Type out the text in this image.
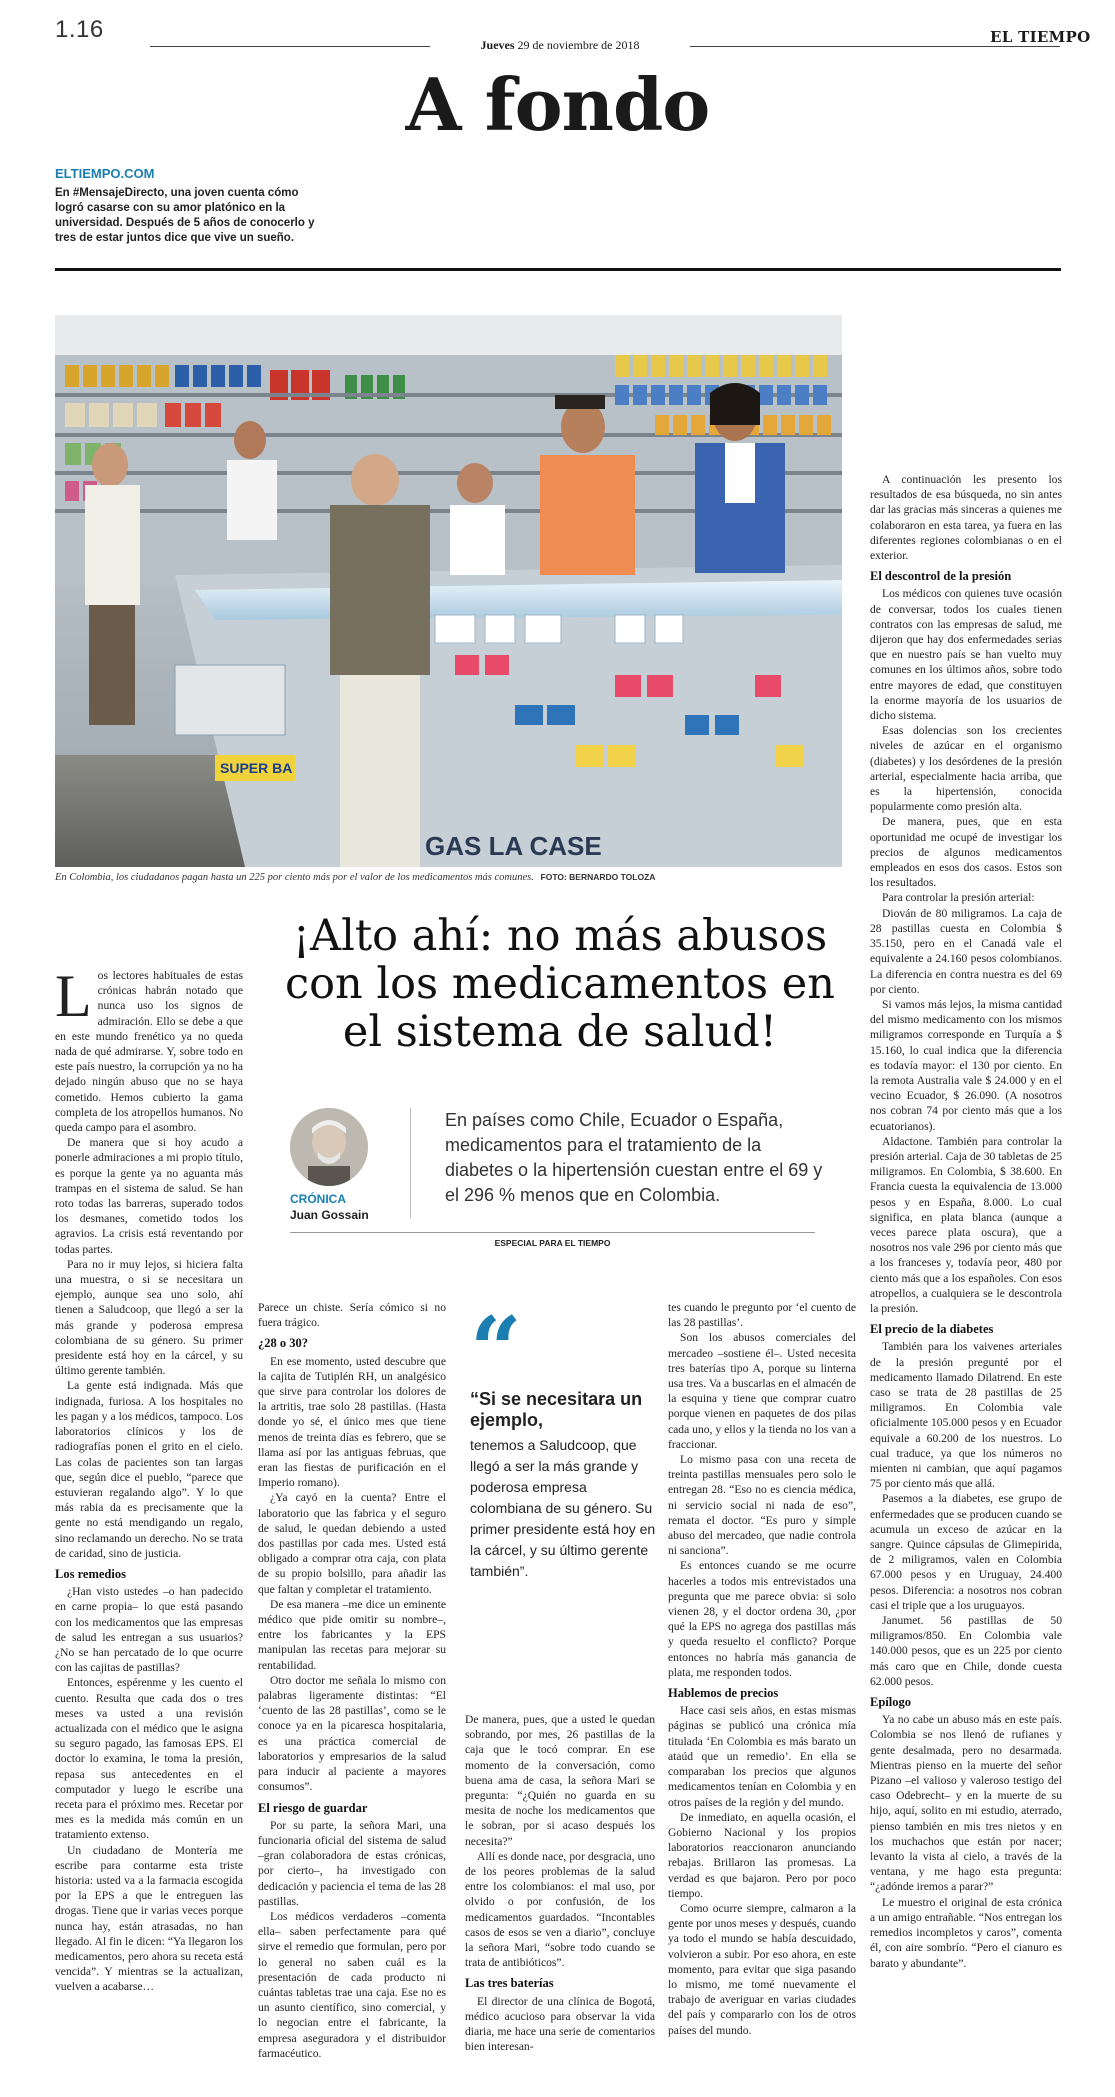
1.16
Jueves 29 de noviembre de 2018	EL TIEMPO
A fondo
ELTIEMPO.COM
En #MensajeDirecto, una joven cuenta cómo logró casarse con su amor platónico en la universidad. Después de 5 años de conocerlo y tres de estar juntos dice que vive un sueño.
SUPER BA
GAS LA CASE
En Colombia, los ciudadanos pagan hasta un 225 por ciento más por el valor de los medicamentos más comunes. FOTO: BERNARDO TOLOZA
¡Alto ahí: no más abusos con los medicamentos en el sistema de salud!
CRÓNICA
Juan Gossain
En países como Chile, Ecuador o España, medicamentos para el tratamiento de la diabetes o la hipertensión cuestan entre el 69 y el 296 % menos que en Colombia.
ESPECIAL PARA EL TIEMPO

Los lectores habituales de estas crónicas habrán notado que nunca uso los signos de admiración. Ello se debe a que en este mundo frenético ya no queda nada de qué admirarse. Y, sobre todo en este país nuestro, la corrupción ya no ha dejado ningún abuso que no se haya cometido. Hemos cubierto la gama completa de los atropellos humanos. No queda campo para el asombro.

De manera que si hoy acudo a ponerle admiraciones a mi propio título, es porque la gente ya no aguanta más trampas en el sistema de salud. Se han roto todas las barreras, superado todos los desmanes, cometido todos los agravios. La crisis está reventando por todas partes.

Para no ir muy lejos, si hiciera falta una muestra, o si se necesitara un ejemplo, aunque sea uno solo, ahí tienen a Saludcoop, que llegó a ser la más grande y poderosa empresa colombiana de su género. Su primer presidente está hoy en la cárcel, y su último gerente también.

La gente está indignada. Más que indignada, furiosa. A los hospitales no les pagan y a los médicos, tampoco. Los laboratorios clínicos y los de radiografías ponen el grito en el cielo. Las colas de pacientes son tan largas que, según dice el pueblo, “parece que estuvieran regalando algo”. Y lo que más rabia da es precisamente que la gente no está mendigando un regalo, sino reclamando un derecho. No se trata de caridad, sino de justicia.

Los remedios

¿Han visto ustedes –o han padecido en carne propia– lo que está pasando con los medicamentos que las empresas de salud les entregan a sus usuarios? ¿No se han percatado de lo que ocurre con las cajitas de pastillas?

Entonces, espérenme y les cuento el cuento. Resulta que cada dos o tres meses va usted a una revisión actualizada con el médico que le asigna su seguro pagado, las famosas EPS. El doctor lo examina, le toma la presión, repasa sus antecedentes en el computador y luego le escribe una receta para el próximo mes. Recetar por mes es la medida más común en un tratamiento extenso.

Un ciudadano de Montería me escribe para contarme esta triste historia: usted va a la farmacia escogida por la EPS a que le entreguen las drogas. Tiene que ir varias veces porque nunca hay, están atrasadas, no han llegado. Al fin le dicen: “Ya llegaron los medicamentos, pero ahora su receta está vencida”. Y mientras se la actualizan, vuelven a acabarse…

Parece un chiste. Sería cómico si no fuera trágico.

¿28 o 30?

En ese momento, usted descubre que la cajita de Tutiplén RH, un analgésico que sirve para controlar los dolores de la artritis, trae solo 28 pastillas. (Hasta donde yo sé, el único mes que tiene menos de treinta días es febrero, que se llama así por las antiguas februas, que eran las fiestas de purificación en el Imperio romano).

¿Ya cayó en la cuenta? Entre el laboratorio que las fabrica y el seguro de salud, le quedan debiendo a usted dos pastillas por cada mes. Usted está obligado a comprar otra caja, con plata de su propio bolsillo, para añadir las que faltan y completar el tratamiento.

De esa manera –me dice un eminente médico que pide omitir su nombre–, entre los fabricantes y la EPS manipulan las recetas para mejorar su rentabilidad.

Otro doctor me señala lo mismo con palabras ligeramente distintas: “El ‘cuento de las 28 pastillas’, como se le conoce ya en la picaresca hospitalaria, es una práctica comercial de laboratorios y empresarios de la salud para inducir al paciente a mayores consumos”.

El riesgo de guardar

Por su parte, la señora Mari, una funcionaria oficial del sistema de salud –gran colaboradora de estas crónicas, por cierto–, ha investigado con dedicación y paciencia el tema de las 28 pastillas.

Los médicos verdaderos –comenta ella– saben perfectamente para qué sirve el remedio que formulan, pero por lo general no saben cuál es la presentación de cada producto ni cuántas tabletas trae una caja. Ese no es un asunto científico, sino comercial, y lo negocian entre el fabricante, la empresa aseguradora y el distribuidor farmacéutico.

“
“Si se necesitara un ejemplo,
tenemos a Saludcoop, que llegó a ser la más grande y poderosa empresa colombiana de su género. Su primer presidente está hoy en la cárcel, y su último gerente también”.

De manera, pues, que a usted le quedan sobrando, por mes, 26 pastillas de la caja que le tocó comprar. En ese momento de la conversación, como buena ama de casa, la señora Mari se pregunta: “¿Quién no guarda en su mesita de noche los medicamentos que le sobran, por si acaso después los necesita?”

Allí es donde nace, por desgracia, uno de los peores problemas de la salud entre los colombianos: el mal uso, por olvido o por confusión, de los medicamentos guardados. “Incontables casos de esos se ven a diario”, concluye la señora Mari, “sobre todo cuando se trata de antibióticos”.

Las tres baterías

El director de una clínica de Bogotá, médico acucioso para observar la vida diaria, me hace una serie de comentarios bien interesan-

tes cuando le pregunto por ‘el cuento de las 28 pastillas’.

Son los abusos comerciales del mercadeo –sostiene él–. Usted necesita tres baterías tipo A, porque su linterna usa tres. Va a buscarlas en el almacén de la esquina y tiene que comprar cuatro porque vienen en paquetes de dos pilas cada uno, y ellos y la tienda no los van a fraccionar.

Lo mismo pasa con una receta de treinta pastillas mensuales pero solo le entregan 28. “Eso no es ciencia médica, ni servicio social ni nada de eso”, remata el doctor. “Es puro y simple abuso del mercadeo, que nadie controla ni sanciona”.

Es entonces cuando se me ocurre hacerles a todos mis entrevistados una pregunta que me parece obvia: si solo vienen 28, y el doctor ordena 30, ¿por qué la EPS no agrega dos pastillas más y queda resuelto el conflicto? Porque entonces no habría más ganancia de plata, me responden todos.

Hablemos de precios

Hace casi seis años, en estas mismas páginas se publicó una crónica mía titulada ‘En Colombia es más barato un ataúd que un remedio’. En ella se comparaban los precios que algunos medicamentos tenían en Colombia y en otros países de la región y del mundo.

De inmediato, en aquella ocasión, el Gobierno Nacional y los propios laboratorios reaccionaron anunciando rebajas. Brillaron las promesas. La verdad es que bajaron. Pero por poco tiempo.

Como ocurre siempre, calmaron a la gente por unos meses y después, cuando ya todo el mundo se había descuidado, volvieron a subir. Por eso ahora, en este momento, para evitar que siga pasando lo mismo, me tomé nuevamente el trabajo de averiguar en varias ciudades del país y compararlo con los de otros países del mundo.

A continuación les presento los resultados de esa búsqueda, no sin antes dar las gracias más sinceras a quienes me colaboraron en esta tarea, ya fuera en las diferentes regiones colombianas o en el exterior.

El descontrol de la presión

Los médicos con quienes tuve ocasión de conversar, todos los cuales tienen contratos con las empresas de salud, me dijeron que hay dos enfermedades serias que en nuestro país se han vuelto muy comunes en los últimos años, sobre todo entre mayores de edad, que constituyen la enorme mayoría de los usuarios de dicho sistema.

Esas dolencias son los crecientes niveles de azúcar en el organismo (diabetes) y los desórdenes de la presión arterial, especialmente hacia arriba, que es la hipertensión, conocida popularmente como presión alta.

De manera, pues, que en esta oportunidad me ocupé de investigar los precios de algunos medicamentos empleados en esos dos casos. Estos son los resultados.

Para controlar la presión arterial:

Diován de 80 miligramos. La caja de 28 pastillas cuesta en Colombia $ 35.150, pero en el Canadá vale el equivalente a 24.160 pesos colombianos. La diferencia en contra nuestra es del 69 por ciento.

Si vamos más lejos, la misma cantidad del mismo medicamento con los mismos miligramos corresponde en Turquía a $ 15.160, lo cual indica que la diferencia es todavía mayor: el 130 por ciento. En la remota Australia vale $ 24.000 y en el vecino Ecuador, $ 26.090. (A nosotros nos cobran 74 por ciento más que a los ecuatorianos).

Aldactone. También para controlar la presión arterial. Caja de 30 tabletas de 25 miligramos. En Colombia, $ 38.600. En Francia cuesta la equivalencia de 13.000 pesos y en España, 8.000. Lo cual significa, en plata blanca (aunque a veces parece plata oscura), que a nosotros nos vale 296 por ciento más que a los franceses y, todavía peor, 480 por ciento más que a los españoles. Con esos atropellos, a cualquiera se le descontrola la presión.

El precio de la diabetes

También para los vaivenes arteriales de la presión pregunté por el medicamento llamado Dilatrend. En este caso se trata de 28 pastillas de 25 miligramos. En Colombia vale oficialmente 105.000 pesos y en Ecuador equivale a 60.200 de los nuestros. Lo cual traduce, ya que los números no mienten ni cambian, que aquí pagamos 75 por ciento más que allá.

Pasemos a la diabetes, ese grupo de enfermedades que se producen cuando se acumula un exceso de azúcar en la sangre. Quince cápsulas de Glimepirida, de 2 miligramos, valen en Colombia 67.000 pesos y en Uruguay, 24.400 pesos. Diferencia: a nosotros nos cobran casi el triple que a los uruguayos.

Janumet. 56 pastillas de 50 miligramos/850. En Colombia vale 140.000 pesos, que es un 225 por ciento más caro que en Chile, donde cuesta 62.000 pesos.

Epílogo

Ya no cabe un abuso más en este país. Colombia se nos llenó de rufianes y gente desalmada, pero no desarmada. Mientras pienso en la muerte del señor Pizano –el valioso y valeroso testigo del caso Odebrecht– y en la muerte de su hijo, aquí, solito en mi estudio, aterrado, pienso también en mis tres nietos y en los muchachos que están por nacer; levanto la vista al cielo, a través de la ventana, y me hago esta pregunta: “¿adónde iremos a parar?”

Le muestro el original de esta crónica a un amigo entrañable. “Nos entregan los remedios incompletos y caros”, comenta él, con aire sombrío. “Pero el cianuro es barato y abundante”.
